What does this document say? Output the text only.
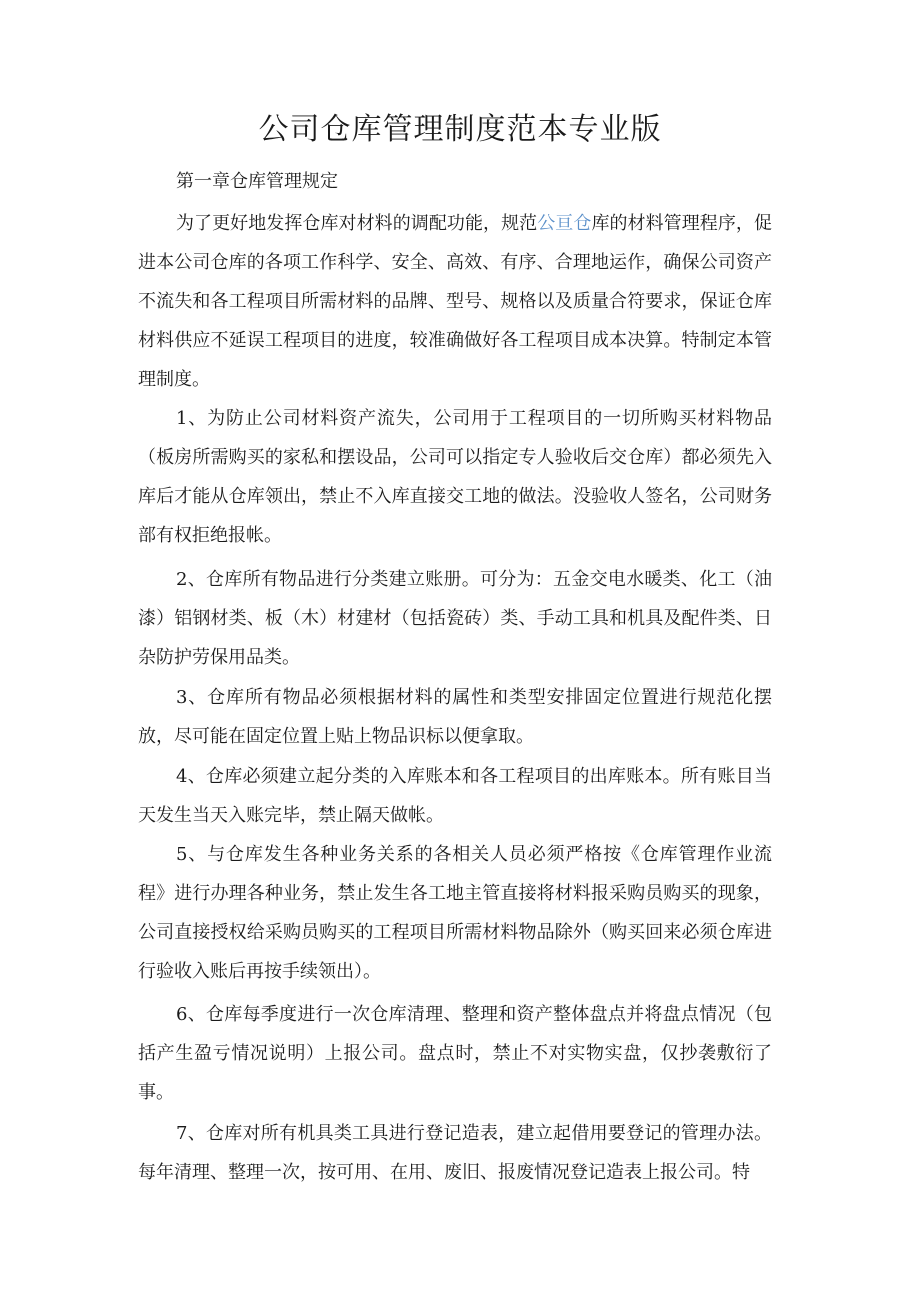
公司仓库管理制度范本专业版

第一章仓库管理规定

为了更好地发挥仓库对材料的调配功能，规范公亘仓库的材料管理程序，促进本公司仓库的各项工作科学、安全、高效、有序、合理地运作，确保公司资产不流失和各工程项目所需材料的品牌、型号、规格以及质量合符要求，保证仓库材料供应不延误工程项目的进度，较准确做好各工程项目成本决算。特制定本管理制度。

1、为防止公司材料资产流失，公司用于工程项目的一切所购买材料物品（板房所需购买的家私和摆设品，公司可以指定专人验收后交仓库）都必须先入库后才能从仓库领出，禁止不入库直接交工地的做法。没验收人签名，公司财务部有权拒绝报帐。

2、仓库所有物品进行分类建立账册。可分为：五金交电水暖类、化工（油漆）铝钢材类、板（木）材建材（包括瓷砖）类、手动工具和机具及配件类、日杂防护劳保用品类。

3、仓库所有物品必须根据材料的属性和类型安排固定位置进行规范化摆放，尽可能在固定位置上贴上物品识标以便拿取。

4、仓库必须建立起分类的入库账本和各工程项目的出库账本。所有账目当天发生当天入账完毕，禁止隔天做帐。

5、与仓库发生各种业务关系的各相关人员必须严格按《仓库管理作业流程》进行办理各种业务，禁止发生各工地主管直接将材料报采购员购买的现象，公司直接授权给采购员购买的工程项目所需材料物品除外（购买回来必须仓库进行验收入账后再按手续领出）。

6、仓库每季度进行一次仓库清理、整理和资产整体盘点并将盘点情况（包括产生盈亏情况说明）上报公司。盘点时，禁止不对实物实盘，仅抄袭敷衍了事。

7、仓库对所有机具类工具进行登记造表，建立起借用要登记的管理办法。每年清理、整理一次，按可用、在用、废旧、报废情况登记造表上报公司。特
